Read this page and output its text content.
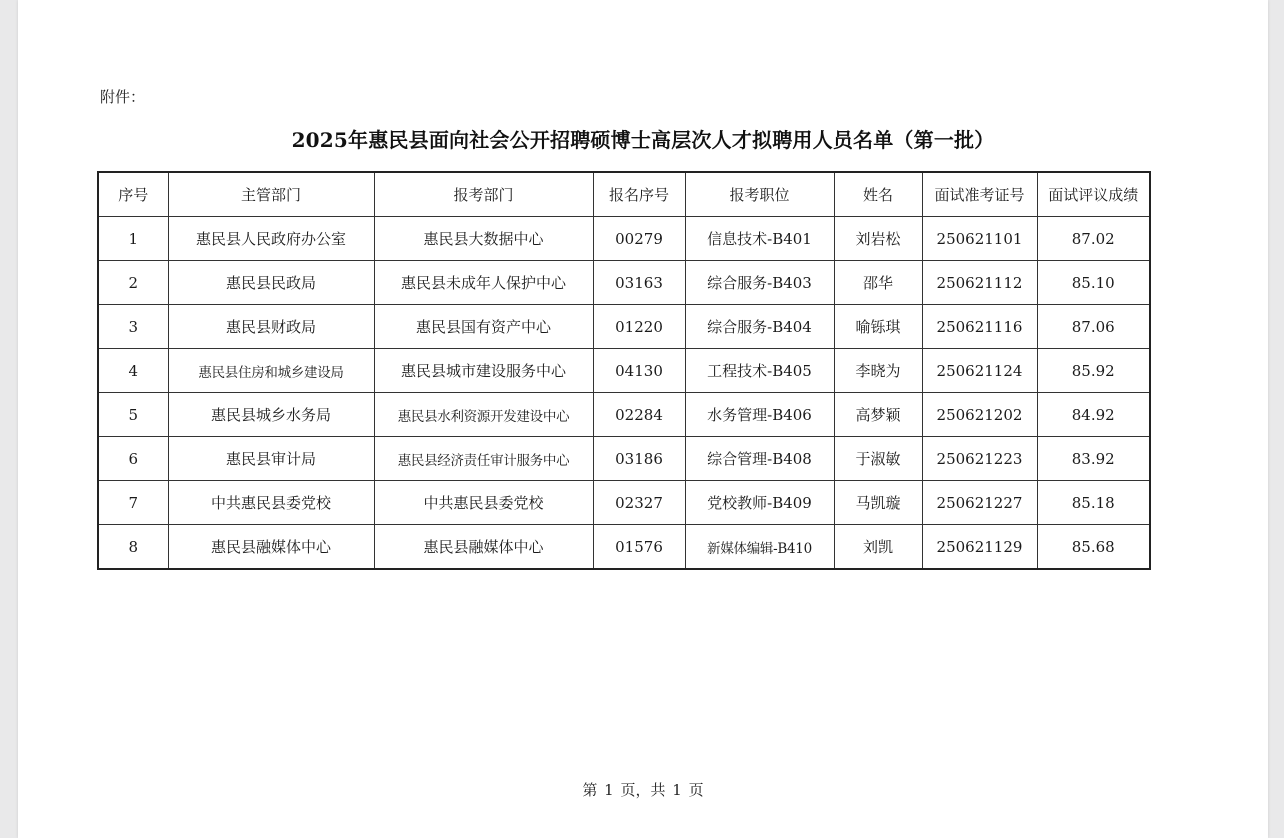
附件：
2025年惠民县面向社会公开招聘硕博士高层次人才拟聘用人员名单（第一批）
序号	主管部门	报考部门	报名序号	报考职位	姓名	面试准考证号	面试评议成绩
1	惠民县人民政府办公室	惠民县大数据中心	00279	信息技术-B401	刘岩松	250621101	87.02
2	惠民县民政局	惠民县未成年人保护中心	03163	综合服务-B403	邵华	250621112	85.10
3	惠民县财政局	惠民县国有资产中心	01220	综合服务-B404	喻铄琪	250621116	87.06
4	惠民县住房和城乡建设局	惠民县城市建设服务中心	04130	工程技术-B405	李晓为	250621124	85.92
5	惠民县城乡水务局	惠民县水利资源开发建设中心	02284	水务管理-B406	高梦颖	250621202	84.92
6	惠民县审计局	惠民县经济责任审计服务中心	03186	综合管理-B408	于淑敏	250621223	83.92
7	中共惠民县委党校	中共惠民县委党校	02327	党校教师-B409	马凯璇	250621227	85.18
8	惠民县融媒体中心	惠民县融媒体中心	01576	新媒体编辑-B410	刘凯	250621129	85.68
第 1 页，共 1 页
